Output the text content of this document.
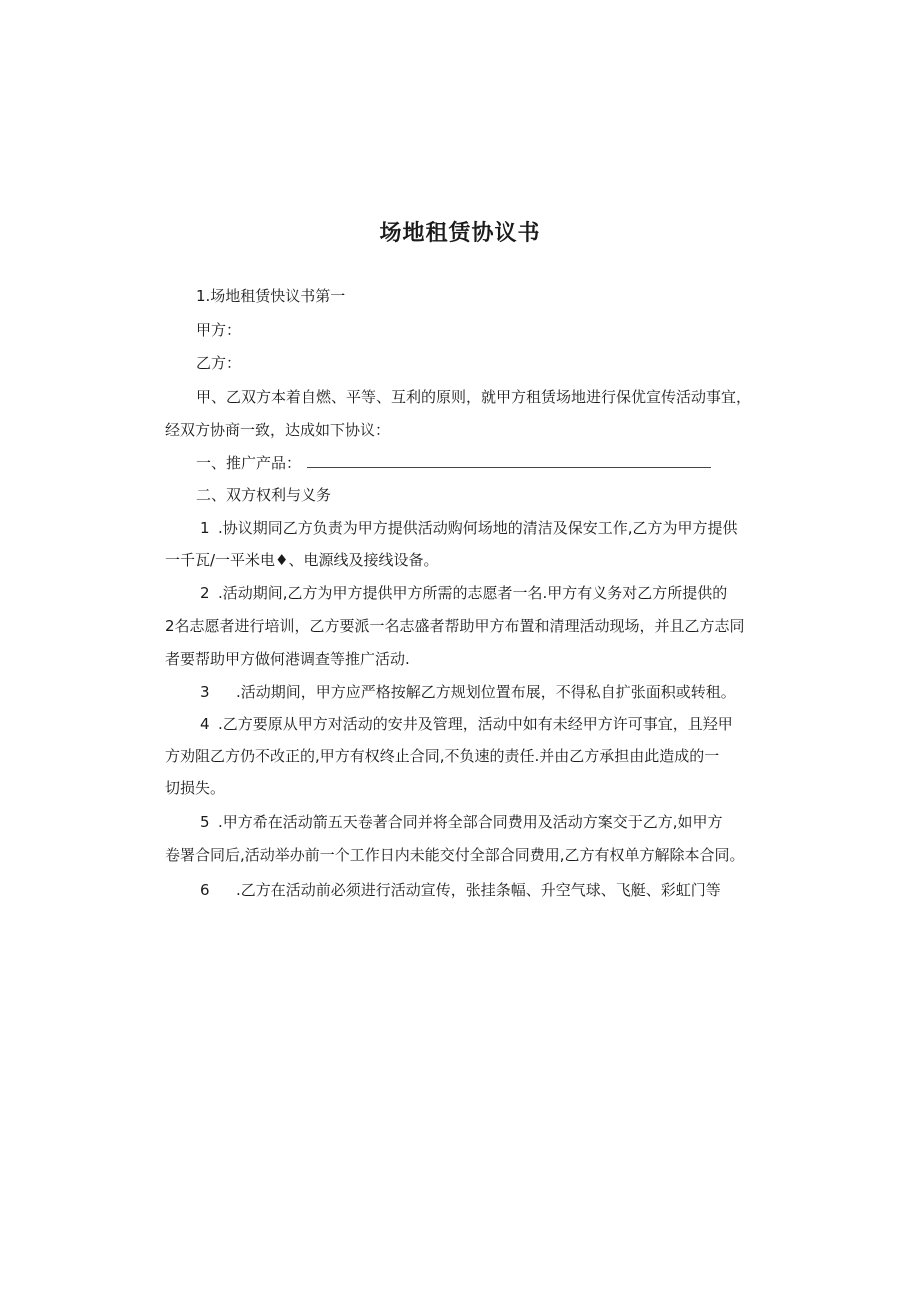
场地租赁协议书

1.场地租赁快议书第一

甲方：

乙方：

甲、乙双方本着自燃、平等、互利的原则，就甲方租赁场地进行保优宣传活动事宜，

经双方协商一致，达成如下协议：

一、推广产品：

二、双方权利与义务

1 .协议期同乙方负责为甲方提供活动购何场地的清洁及保安工作,乙方为甲方提供

一千瓦/一平米电♦、电源线及接线设备。

2 .活动期间,乙方为甲方提供甲方所需的志愿者一名.甲方有义务对乙方所提供的

2名志愿者进行培训，乙方要派一名志盛者帮助甲方布置和清理活动现场，并且乙方志同

者要帮助甲方做何港调查等推广活动.

3 .活动期间，甲方应严格按解乙方规划位置布展，不得私自扩张面积或转租。

4 .乙方要原从甲方对活动的安井及管理，活动中如有未经甲方许可事宜，且羟甲

方劝阻乙方仍不改正的,甲方有权终止合同,不负速的责任.并由乙方承担由此造成的一

切损失。

5 .甲方希在活动箭五天卷著合同并将全部合同费用及活动方案交于乙方,如甲方

卷署合同后,活动举办前一个工作日内未能交付全部合同费用,乙方有权单方解除本合同。

6 .乙方在活动前必须进行活动宣传，张挂条幅、升空气球、飞艇、彩虹门等
